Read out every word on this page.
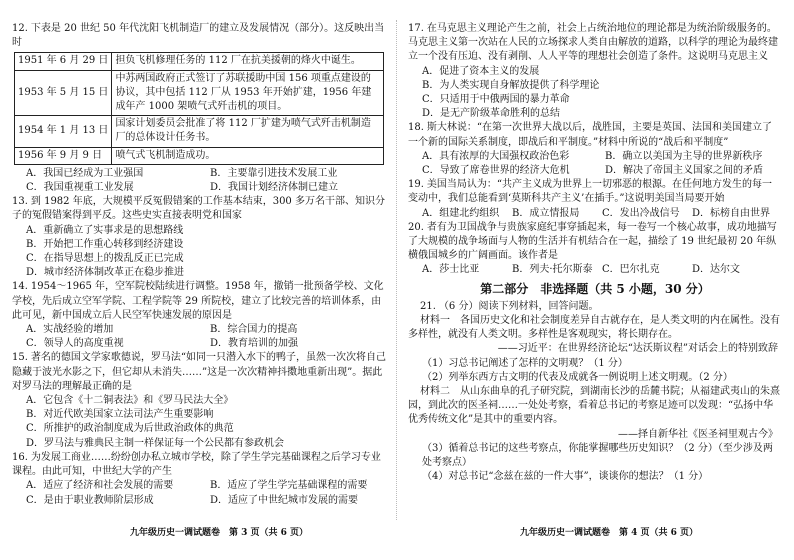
12. 下表是 20 世纪 50 年代沈阳飞机制造厂的建立及发展情况（部分）。这反映出当时
1951 年 6 月 29 日	担负飞机修理任务的 112 厂在抗美援朝的烽火中诞生。
1953 年 5 月 15 日	中苏两国政府正式签订了苏联援助中国 156 项重点建设的协议，其中包括 112 厂从 1953 年开始扩建，1956 年建成年产 1000 架喷气式歼击机的项目。
1954 年 1 月 13 日	国家计划委员会批准了将 112 厂扩建为喷气式歼击机制造厂的总体设计任务书。
1956 年 9 月 9 日	喷气式飞机制造成功。
A．我国已经成为工业强国	B．主要靠引进技术发展工业
C．我国重视重工业发展	D．我国计划经济体制已建立
13. 到 1982 年底，大规模平反冤假错案的工作基本结束，300 多万名干部、知识分子的冤假错案得到平反。这些史实直接表明党和国家
A．重新确立了实事求是的思想路线
B．开始把工作重心转移到经济建设
C．在指导思想上的拨乱反正已完成
D．城市经济体制改革正在稳步推进
14. 1954～1965 年，空军院校陆续进行调整。1958 年，撤销一批预备学校、文化学校，先后成立空军学院、工程学院等 29 所院校，建立了比较完善的培训体系，由此可见，新中国成立后人民空军快速发展的原因是
A．实战经验的增加	B．综合国力的提高
C．领导人的高度重视	D．教育培训的加强
15. 著名的德国文学家歌德说，罗马法“如同一只潜入水下的鸭子，虽然一次次将自己隐藏于波光水影之下，但它却从未消失……”这是一次次精神抖擞地重新出现”。据此对罗马法的理解最正确的是
A．它包含《十二铜表法》和《罗马民法大全》
B．对近代欧美国家立法司法产生重要影响
C．所推护的政治制度成为后世政治政体的典范
D．罗马法与雅典民主制一样保证每一个公民都有参政机会
16. 为发展工商业……纷纷创办私立城市学校，除了学生学完基础课程之后学习专业课程。由此可知，中世纪大学的产生
A．适应了经济和社会发展的需要	B．适应了学生学完基础课程的需要
C．是由于职业教师阶层形成	D．适应了中世纪城市发展的需要
17. 在马克思主义理论产生之前，社会上占统治地位的理论都是为统治阶级服务的。马克思主义第一次站在人民的立场探求人类自由解放的道路，以科学的理论为最终建立一个没有压迫、没有剥削、人人平等的理想社会创造了条件。这说明马克思主义
A．促进了资本主义的发展
B．为人类实现自身解放提供了科学理论
C．只适用于中俄两国的暴力革命
D．是无产阶级革命胜利的总结
18. 斯大林说：“在第一次世界大战以后，战胜国，主要是英国、法国和美国建立了一个新的国际关系制度，即战后和平制度。”材料中所说的“战后和平制度”
A．具有浓厚的大国强权政治色彩	B．确立以美国为主导的世界新秩序
C．导致了席卷世界的经济大危机	D．解决了帝国主义国家之间的矛盾
19. 美国当局认为：“共产主义成为世界上一切邪恶的根源。在任何地方发生的每一变动中，我们总能看到‘莫斯科共产主义’在插手。”这说明美国当局要开始
A．组建北约组织	B．成立情报局	C．发出冷战信号	D．标榜自由世界
20. 者有为卫国战争与贵族家庭纪事穿插起来，每一卷写一个核心故事，成功地描写了大规模的战争场面与人物的生活并有机结合在一起，描绘了 19 世纪最初 20 年纵横俄国城乡的广阔画面。该作者是
A．莎士比亚	B．列夫·托尔斯泰 C．巴尔扎克	D．达尔文
第二部分　非选择题（共 5 小题，30 分）
21. （6 分）阅读下列材料，回答问题。
材料一　各国历史文化和社会制度差异自古就存在，是人类文明的内在属性。没有多样性，就没有人类文明。多样性是客观现实，将长期存在。
——习近平：在世界经济论坛“达沃斯议程”对话会上的特别致辞
（1）习总书记阐述了怎样的文明观？（1 分）
（2）列举东西方古文明的代表及成就各一例说明上述文明观。（2 分）
材料二　从山东曲阜的孔子研究院，到湖南长沙的岳麓书院；从福建武夷山的朱熹园，到此次的医圣祠……一处处考察，看着总书记的考察足迹可以发现：“弘扬中华优秀传统文化”是其中的重要内容。
——择自新华社《医圣祠里观古今》
（3）循着总书记的这些考察点，你能掌握哪些历史知识？（2 分）（至少涉及两处考察点）
（4）对总书记“念兹在兹的一件大事”，谈谈你的想法？（1 分）
九年级历史一调试题卷　第 3 页（共 6 页）	九年级历史一调试题卷　第 4 页（共 6 页）
